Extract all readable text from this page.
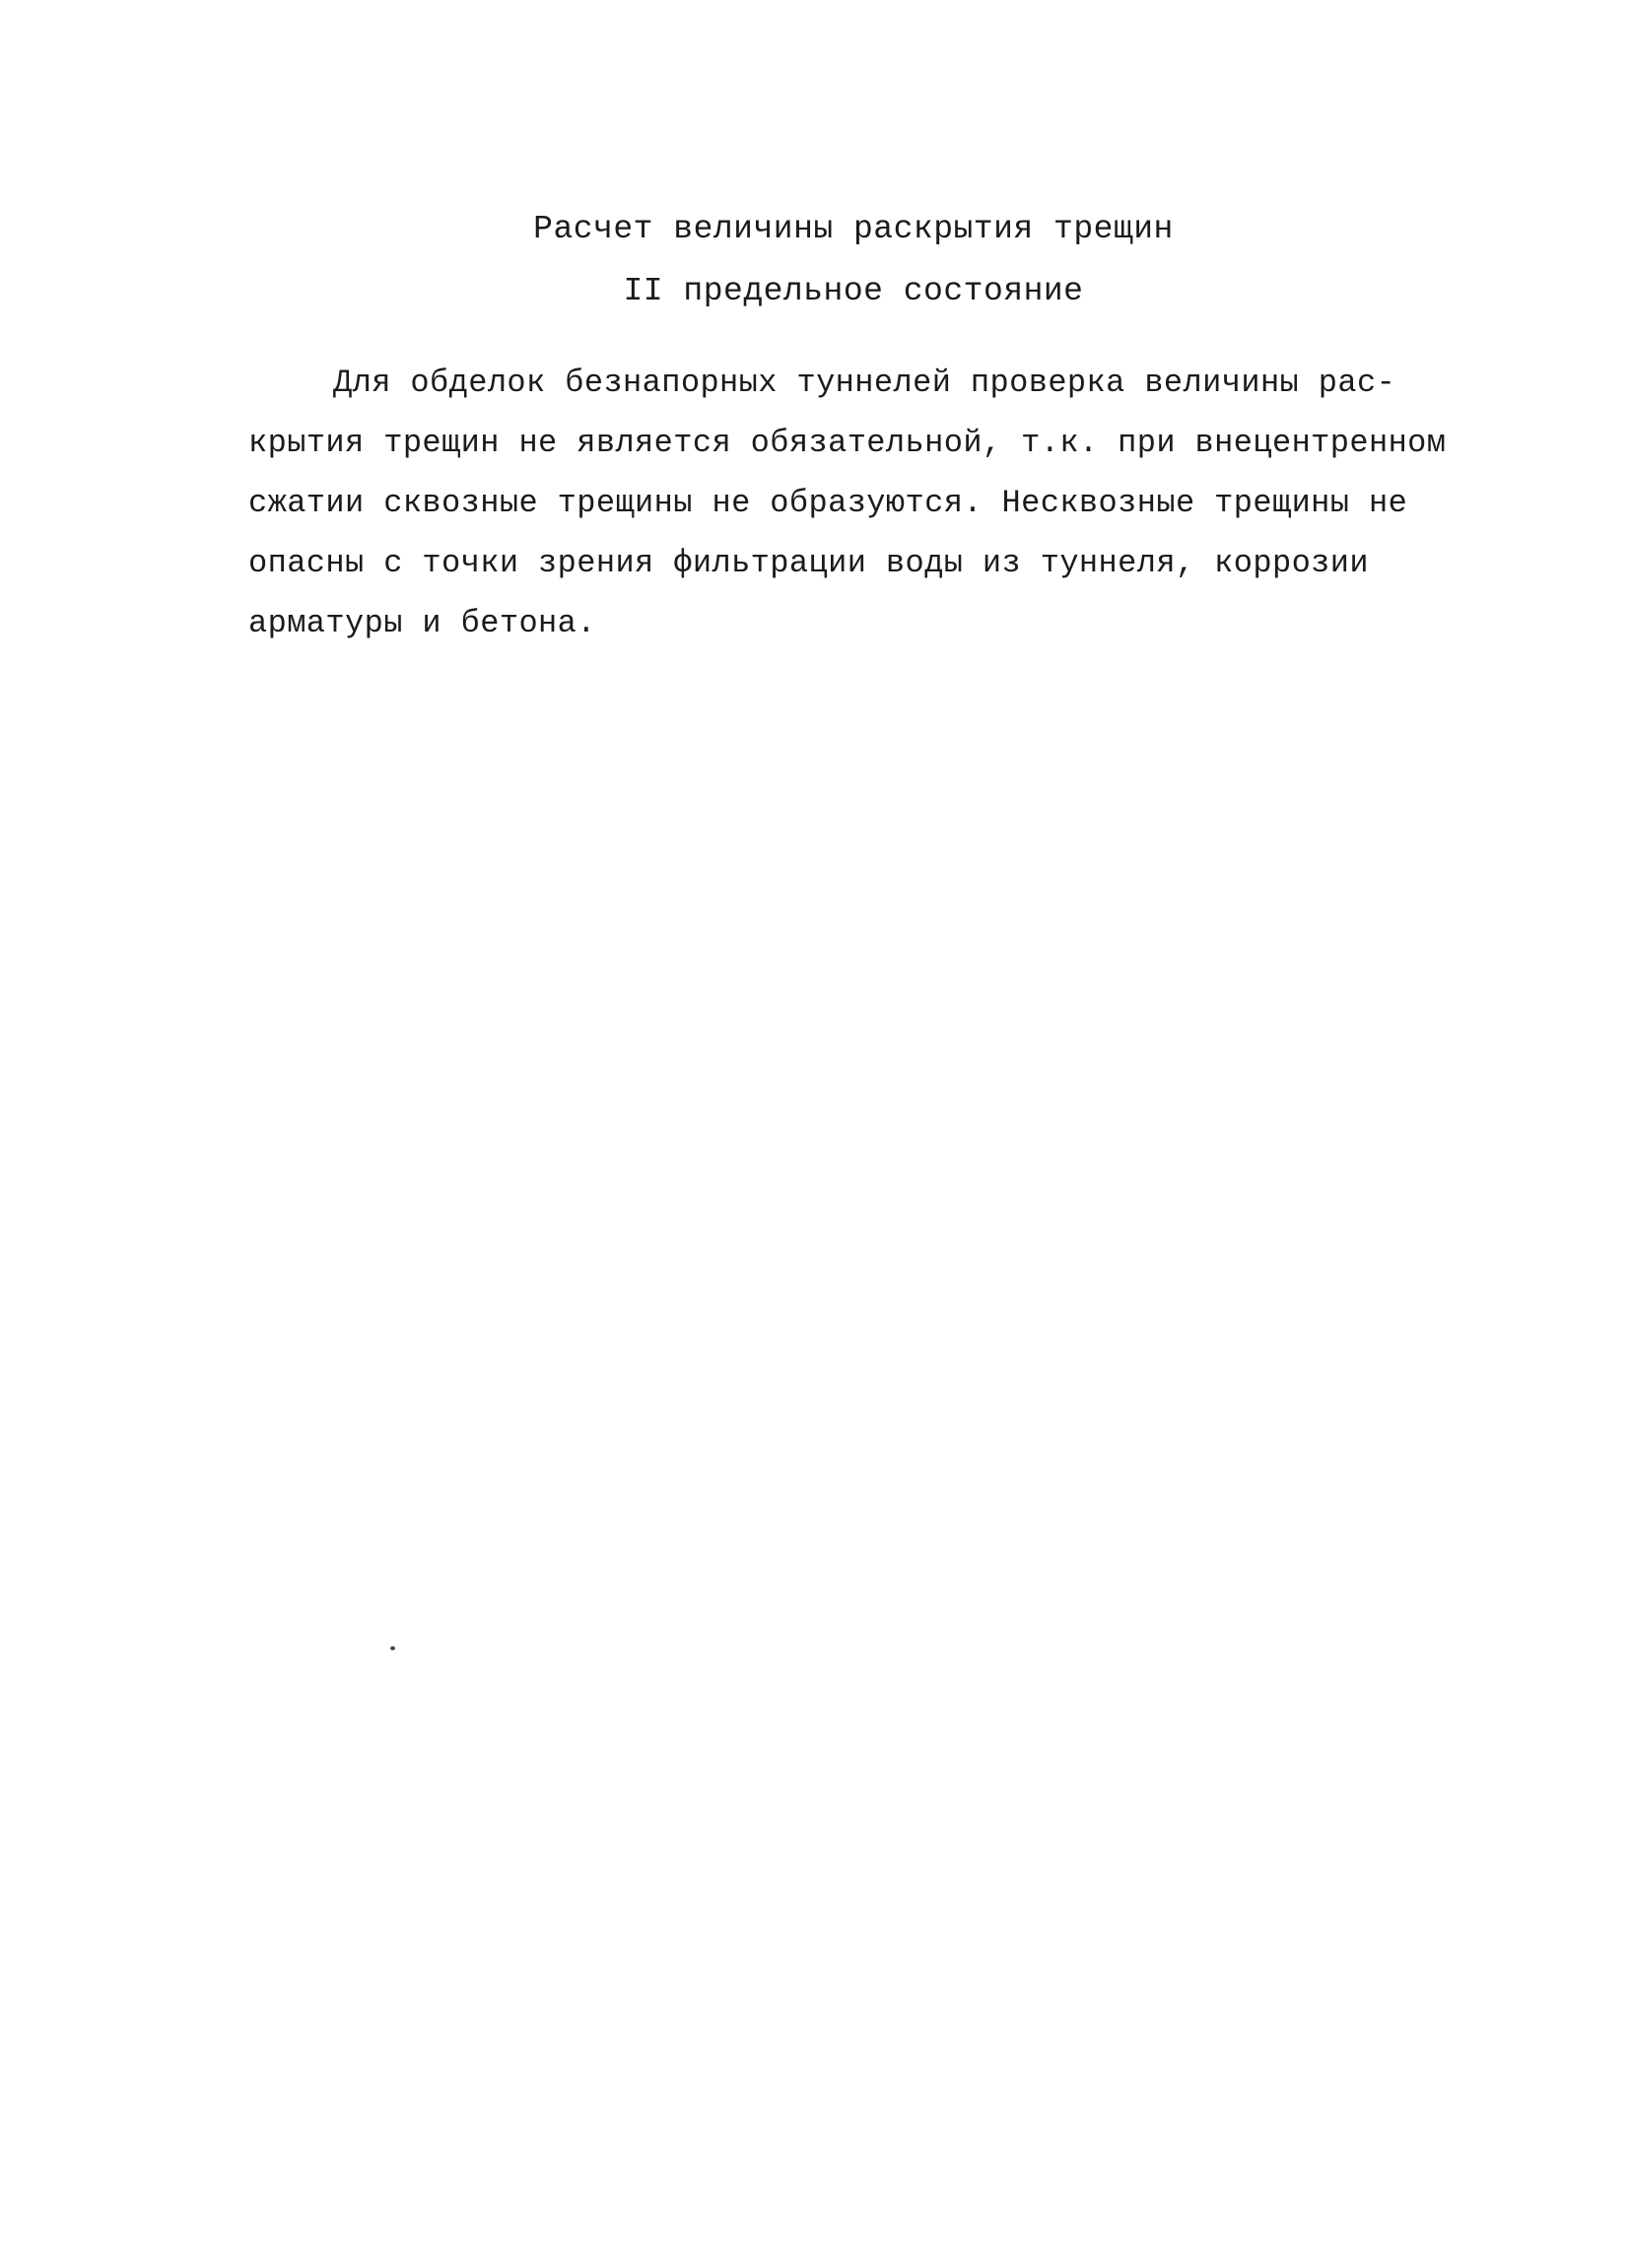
Расчет величины раскрытия трещин
II предельное состояние
Для обделок безнапорных туннелей проверка величины рас-
крытия трещин не является обязательной, т.к. при внецентренном
сжатии сквозные трещины не образуются. Несквозные трещины не
опасны с точки зрения фильтрации воды из туннеля, коррозии
арматуры и бетона.
